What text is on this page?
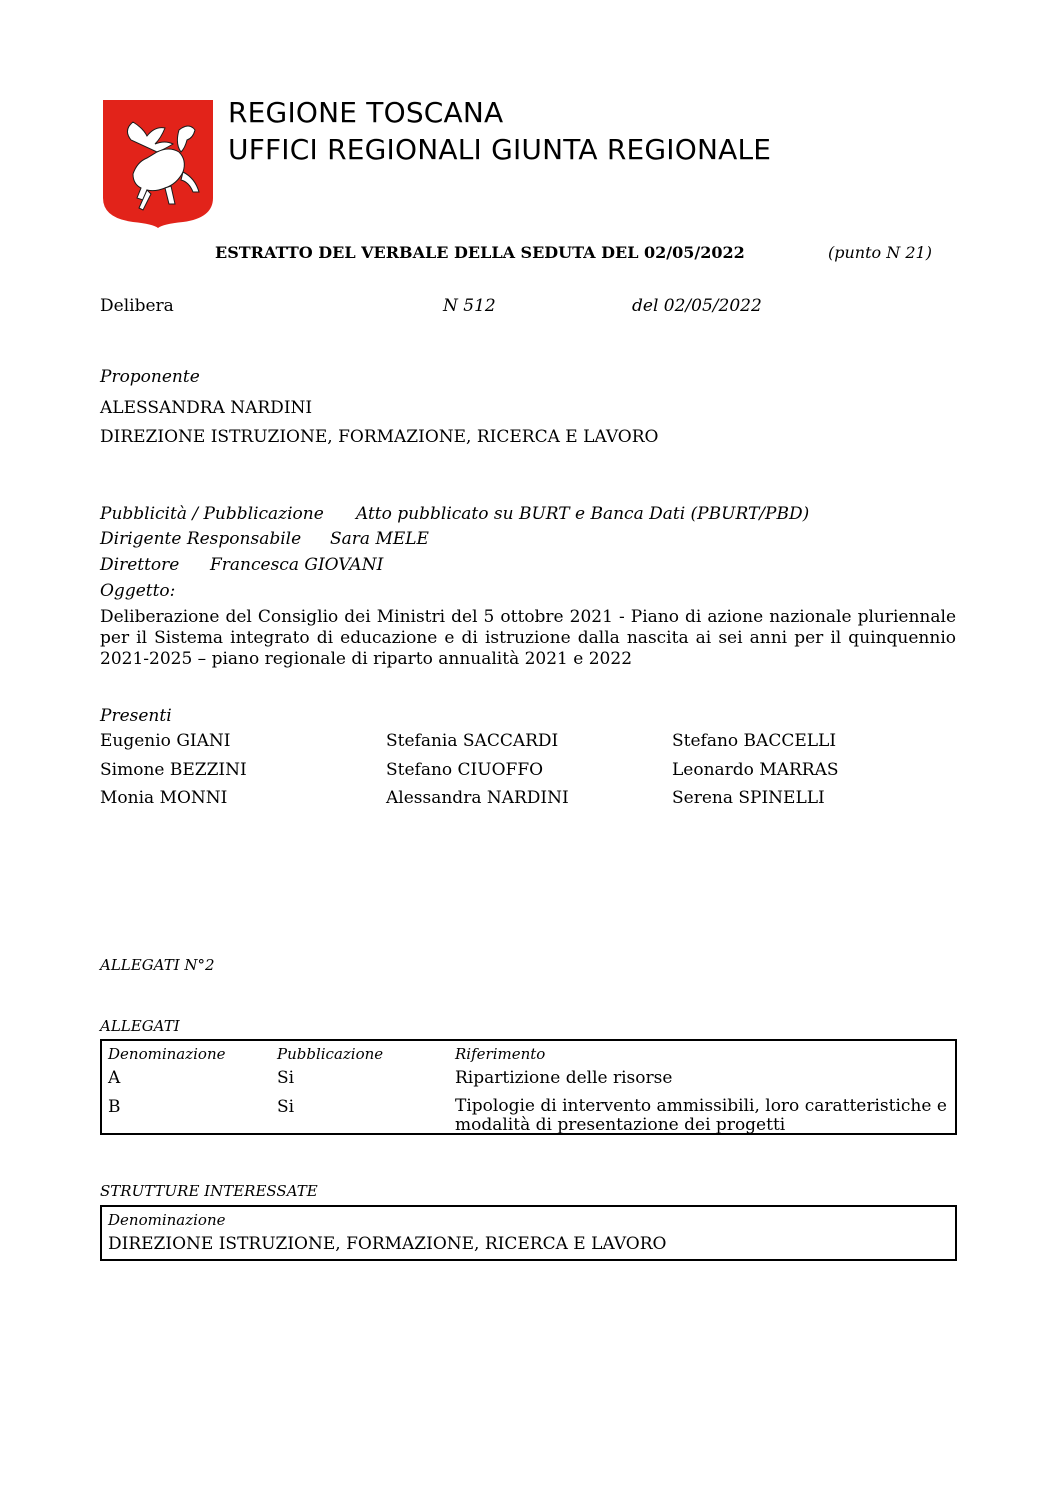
REGIONE TOSCANA
UFFICI REGIONALI GIUNTA REGIONALE
ESTRATTO DEL VERBALE DELLA SEDUTA DEL 02/05/2022	(punto N 21)
Delibera	N 512	del 02/05/2022
Proponente
ALESSANDRA NARDINI
DIREZIONE ISTRUZIONE, FORMAZIONE, RICERCA E LAVORO
Pubblicità / Pubblicazione Atto pubblicato su BURT e Banca Dati (PBURT/PBD)
Dirigente Responsabile Sara MELE
Direttore Francesca GIOVANI
Oggetto:
Deliberazione del Consiglio dei Ministri del 5 ottobre 2021 - Piano di azione nazionale pluriennale per il Sistema integrato di educazione e di istruzione dalla nascita ai sei anni per il quinquennio 2021-2025 – piano regionale di riparto annualità 2021 e 2022
Presenti
Eugenio GIANI	Stefania SACCARDI	Stefano BACCELLI
Simone BEZZINI	Stefano CIUOFFO	Leonardo MARRAS
Monia MONNI	Alessandra NARDINI	Serena SPINELLI
ALLEGATI N°2
ALLEGATI
Denominazione	Pubblicazione	Riferimento
A	Si	Ripartizione delle risorse
B	Si	Tipologie di intervento ammissibili, loro caratteristiche e modalità di presentazione dei progetti
STRUTTURE INTERESSATE
Denominazione
DIREZIONE ISTRUZIONE, FORMAZIONE, RICERCA E LAVORO
